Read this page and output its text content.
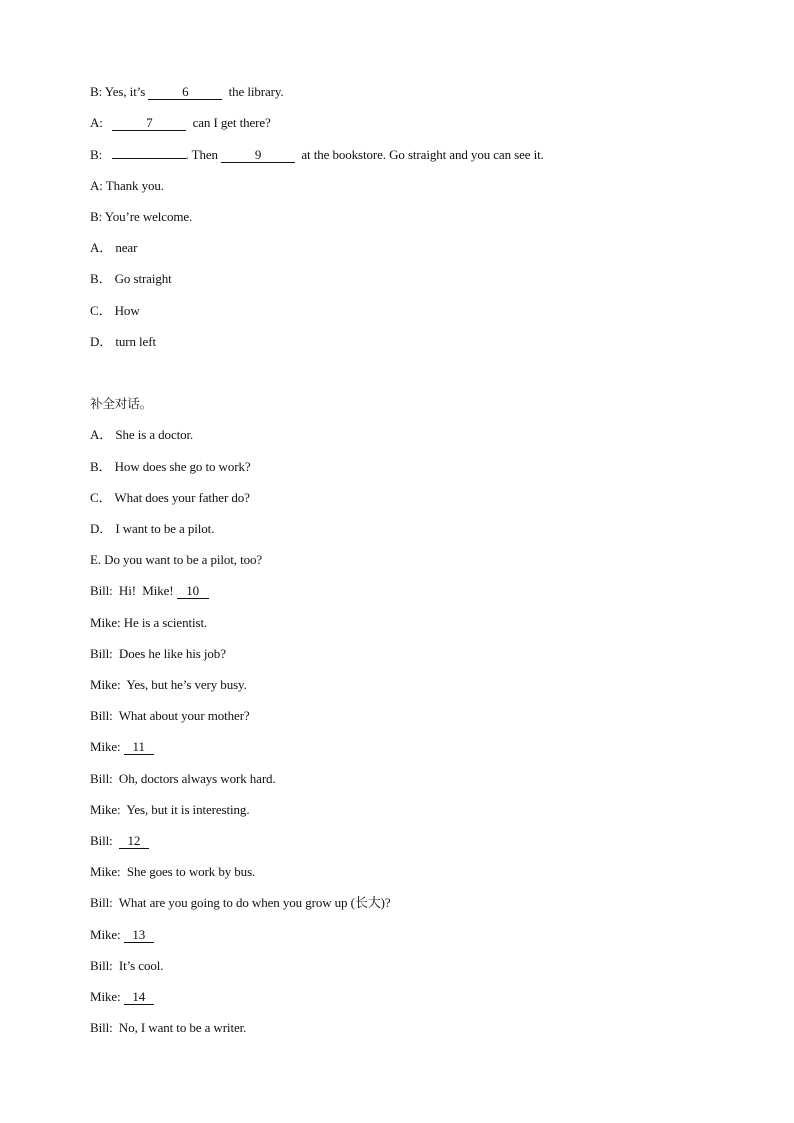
B: Yes, it’s	6	the library.
A:	7	can I get there?
B:	. Then	9	at the bookstore. Go straight and you can see it.
A: Thank you.
B: You’re welcome.
A． near
B． Go straight
C． How
D． turn left
补全对话。
A． She is a doctor.
B． How does she go to work?
C． What does your father do?
D． I want to be a pilot.
E. Do you want to be a pilot, too?
Bill:  Hi!  Mike! 10
Mike: He is a scientist.
Bill:  Does he like his job?
Mike:  Yes, but he’s very busy.
Bill:  What about your mother?
Mike: 11
Bill:  Oh, doctors always work hard.
Mike:  Yes, but it is interesting.
Bill: 12
Mike:  She goes to work by bus.
Bill:  What are you going to do when you grow up (长大)?
Mike: 13
Bill:  It’s cool.
Mike: 14
Bill:  No, I want to be a writer.
